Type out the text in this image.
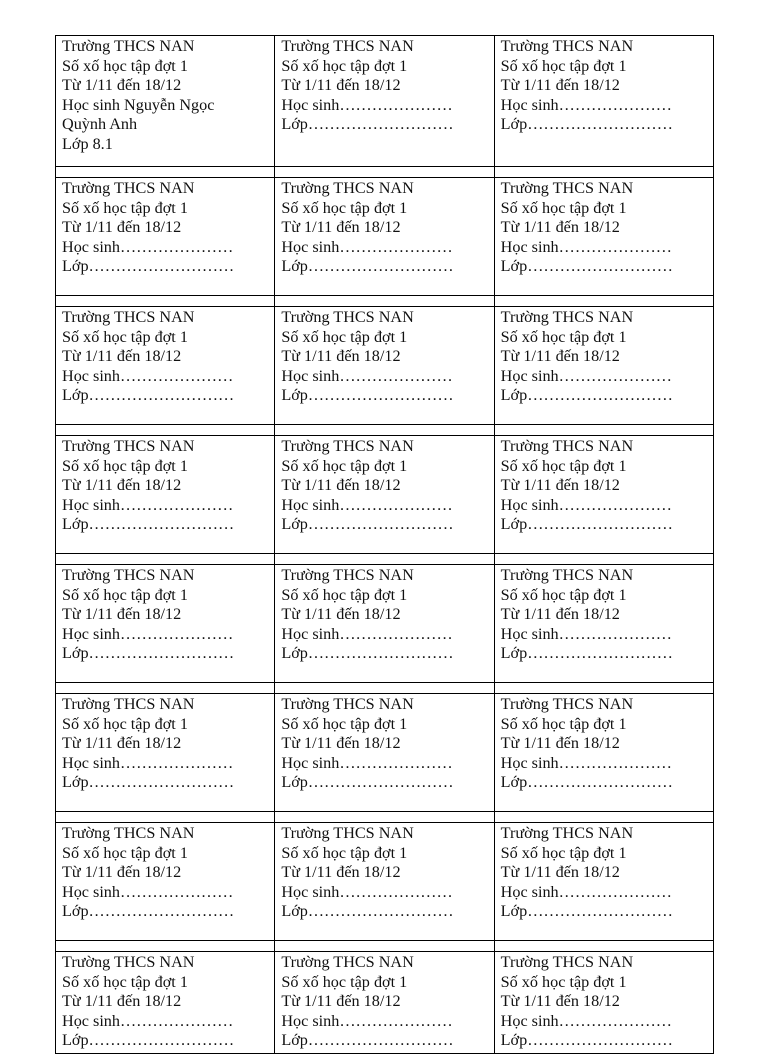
Trường THCS NAN
Số xố học tập đợt 1
Từ 1/11 đến 18/12
Học sinh Nguyễn Ngọc Quỳnh Anh
Lớp 8.1	Trường THCS NAN
Số xố học tập đợt 1
Từ 1/11 đến 18/12
Học sinh…………………
Lớp………………………	Trường THCS NAN
Số xố học tập đợt 1
Từ 1/11 đến 18/12
Học sinh…………………
Lớp………………………

Trường THCS NAN
Số xố học tập đợt 1
Từ 1/11 đến 18/12
Học sinh…………………
Lớp………………………	Trường THCS NAN
Số xố học tập đợt 1
Từ 1/11 đến 18/12
Học sinh…………………
Lớp………………………	Trường THCS NAN
Số xố học tập đợt 1
Từ 1/11 đến 18/12
Học sinh…………………
Lớp………………………

Trường THCS NAN
Số xố học tập đợt 1
Từ 1/11 đến 18/12
Học sinh…………………
Lớp………………………	Trường THCS NAN
Số xố học tập đợt 1
Từ 1/11 đến 18/12
Học sinh…………………
Lớp………………………	Trường THCS NAN
Số xố học tập đợt 1
Từ 1/11 đến 18/12
Học sinh…………………
Lớp………………………

Trường THCS NAN
Số xố học tập đợt 1
Từ 1/11 đến 18/12
Học sinh…………………
Lớp………………………	Trường THCS NAN
Số xố học tập đợt 1
Từ 1/11 đến 18/12
Học sinh…………………
Lớp………………………	Trường THCS NAN
Số xố học tập đợt 1
Từ 1/11 đến 18/12
Học sinh…………………
Lớp………………………

Trường THCS NAN
Số xố học tập đợt 1
Từ 1/11 đến 18/12
Học sinh…………………
Lớp………………………	Trường THCS NAN
Số xố học tập đợt 1
Từ 1/11 đến 18/12
Học sinh…………………
Lớp………………………	Trường THCS NAN
Số xố học tập đợt 1
Từ 1/11 đến 18/12
Học sinh…………………
Lớp………………………

Trường THCS NAN
Số xố học tập đợt 1
Từ 1/11 đến 18/12
Học sinh…………………
Lớp………………………	Trường THCS NAN
Số xố học tập đợt 1
Từ 1/11 đến 18/12
Học sinh…………………
Lớp………………………	Trường THCS NAN
Số xố học tập đợt 1
Từ 1/11 đến 18/12
Học sinh…………………
Lớp………………………

Trường THCS NAN
Số xố học tập đợt 1
Từ 1/11 đến 18/12
Học sinh…………………
Lớp………………………	Trường THCS NAN
Số xố học tập đợt 1
Từ 1/11 đến 18/12
Học sinh…………………
Lớp………………………	Trường THCS NAN
Số xố học tập đợt 1
Từ 1/11 đến 18/12
Học sinh…………………
Lớp………………………

Trường THCS NAN
Số xố học tập đợt 1
Từ 1/11 đến 18/12
Học sinh…………………
Lớp………………………	Trường THCS NAN
Số xố học tập đợt 1
Từ 1/11 đến 18/12
Học sinh…………………
Lớp………………………	Trường THCS NAN
Số xố học tập đợt 1
Từ 1/11 đến 18/12
Học sinh…………………
Lớp………………………
